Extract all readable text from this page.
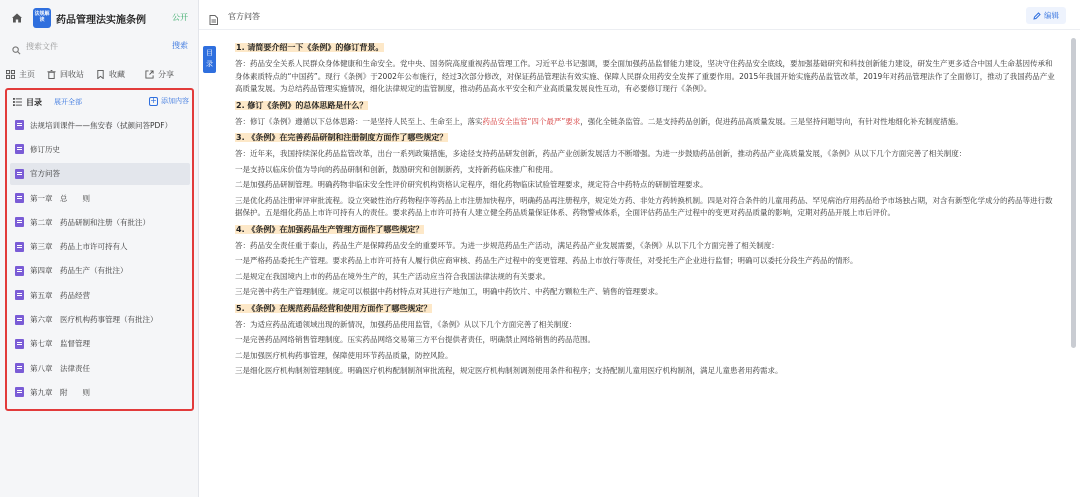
法规解读	药品管理法实施条例	公开
搜索文件
搜索
主页	回收站	收藏	分享
目录 展开全部	+ 添加内容
法规培训课件——焦安春（拭颜问答PDF）
修订历史
官方问答
第一章　总　　则
第二章　药品研制和注册（有批注）
第三章　药品上市许可持有人
第四章　药品生产（有批注）
第五章　药品经营
第六章　医疗机构药事管理（有批注）
第七章　监督管理
第八章　法律责任
第九章　附　　则
官方问答	编辑
目录
1. 请简要介绍一下《条例》的修订背景。
答：药品安全关系人民群众身体健康和生命安全。党中央、国务院高度重视药品管理工作。习近平总书记强调，要全面加强药品监督能力建设，坚决守住药品安全底线，要加强基础研究和科技创新能力建设，研发生产更多适合中国人生命基因传承和身体素质特点的“中国药”。现行《条例》于2002年公布施行，经过3次部分修改，对保证药品管理法有效实施、保障人民群众用药安全发挥了重要作用。2015年我国开始实施药品监管改革，2019年对药品管理法作了全面修订，推动了我国药品产业高质量发展。为总结药品管理实施情况，细化法律规定的监管制度，推动药品高水平安全和产业高质量发展良性互动，有必要修订现行《条例》。
2. 修订《条例》的总体思路是什么？
答：修订《条例》遵循以下总体思路：一是坚持人民至上、生命至上，落实药品安全监管“四个最严”要求，强化全链条监管。二是支持药品创新，促进药品高质量发展。三是坚持问题导向，有针对性地细化补充制度措施。
3. 《条例》在完善药品研制和注册制度方面作了哪些规定？
答：近年来，我国持续深化药品监管改革，出台一系列政策措施，多途径支持药品研发创新，药品产业创新发展活力不断增强。为进一步鼓励药品创新，推动药品产业高质量发展，《条例》从以下几个方面完善了相关制度：
一是支持以临床价值为导向的药品研制和创新，鼓励研究和创制新药，支持新药临床推广和使用。
二是加强药品研制管理。明确药物非临床安全性评价研究机构资格认定程序，细化药物临床试验管理要求，规定符合中药特点的研制管理要求。
三是优化药品注册审评审批流程。设立突破性治疗药物程序等药品上市注册加快程序，明确药品再注册程序，规定处方药、非处方药转换机制。四是对符合条件的儿童用药品、罕见病治疗用药品给予市场独占期，对含有新型化学成分的药品等进行数据保护。五是细化药品上市许可持有人的责任。要求药品上市许可持有人建立健全药品质量保证体系、药物警戒体系，全面评估药品生产过程中的变更对药品质量的影响，定期对药品开展上市后评价。
4. 《条例》在加强药品生产管理方面作了哪些规定？
答：药品安全责任重于泰山，药品生产是保障药品安全的重要环节。为进一步规范药品生产活动，满足药品产业发展需要，《条例》从以下几个方面完善了相关制度：
一是严格药品委托生产管理。要求药品上市许可持有人履行供应商审核、药品生产过程中的变更管理、药品上市放行等责任，对受托生产企业进行监督；明确可以委托分段生产药品的情形。
二是规定在我国境内上市的药品在境外生产的，其生产活动应当符合我国法律法规的有关要求。
三是完善中药生产管理制度。规定可以根据中药材特点对其进行产地加工，明确中药饮片、中药配方颗粒生产、销售的管理要求。
5. 《条例》在规范药品经营和使用方面作了哪些规定？
答：为适应药品流通领域出现的新情况，加强药品使用监管，《条例》从以下几个方面完善了相关制度：
一是完善药品网络销售管理制度。压实药品网络交易第三方平台提供者责任，明确禁止网络销售的药品范围。
二是加强医疗机构药事管理，保障使用环节药品质量，防控风险。
三是细化医疗机构制剂管理制度。明确医疗机构配制制剂审批流程，规定医疗机构制剂调剂使用条件和程序；支持配制儿童用医疗机构制剂，满足儿童患者用药需求。
